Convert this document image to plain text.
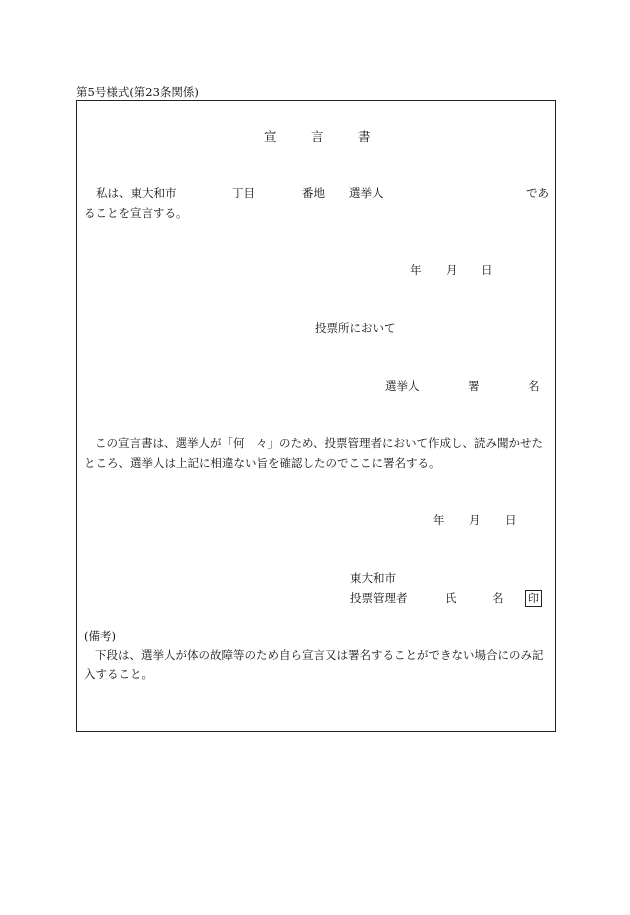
第5号様式(第23条関係)
宣	言	書
私は、東大和市	丁目	番地 選挙人	であ
ることを宣言する。
年 月 日
投票所において
選挙人	署	名
この宣言書は、選挙人が「何　々」のため、投票管理者において作成し、読み聞かせた
ところ、選挙人は上記に相違ない旨を確認したのでここに署名する。
年 月 日
東大和市
投票管理者	氏	名 印
(備考)
下段は、選挙人が体の故障等のため自ら宣言又は署名することができない場合にのみ記
入すること。
